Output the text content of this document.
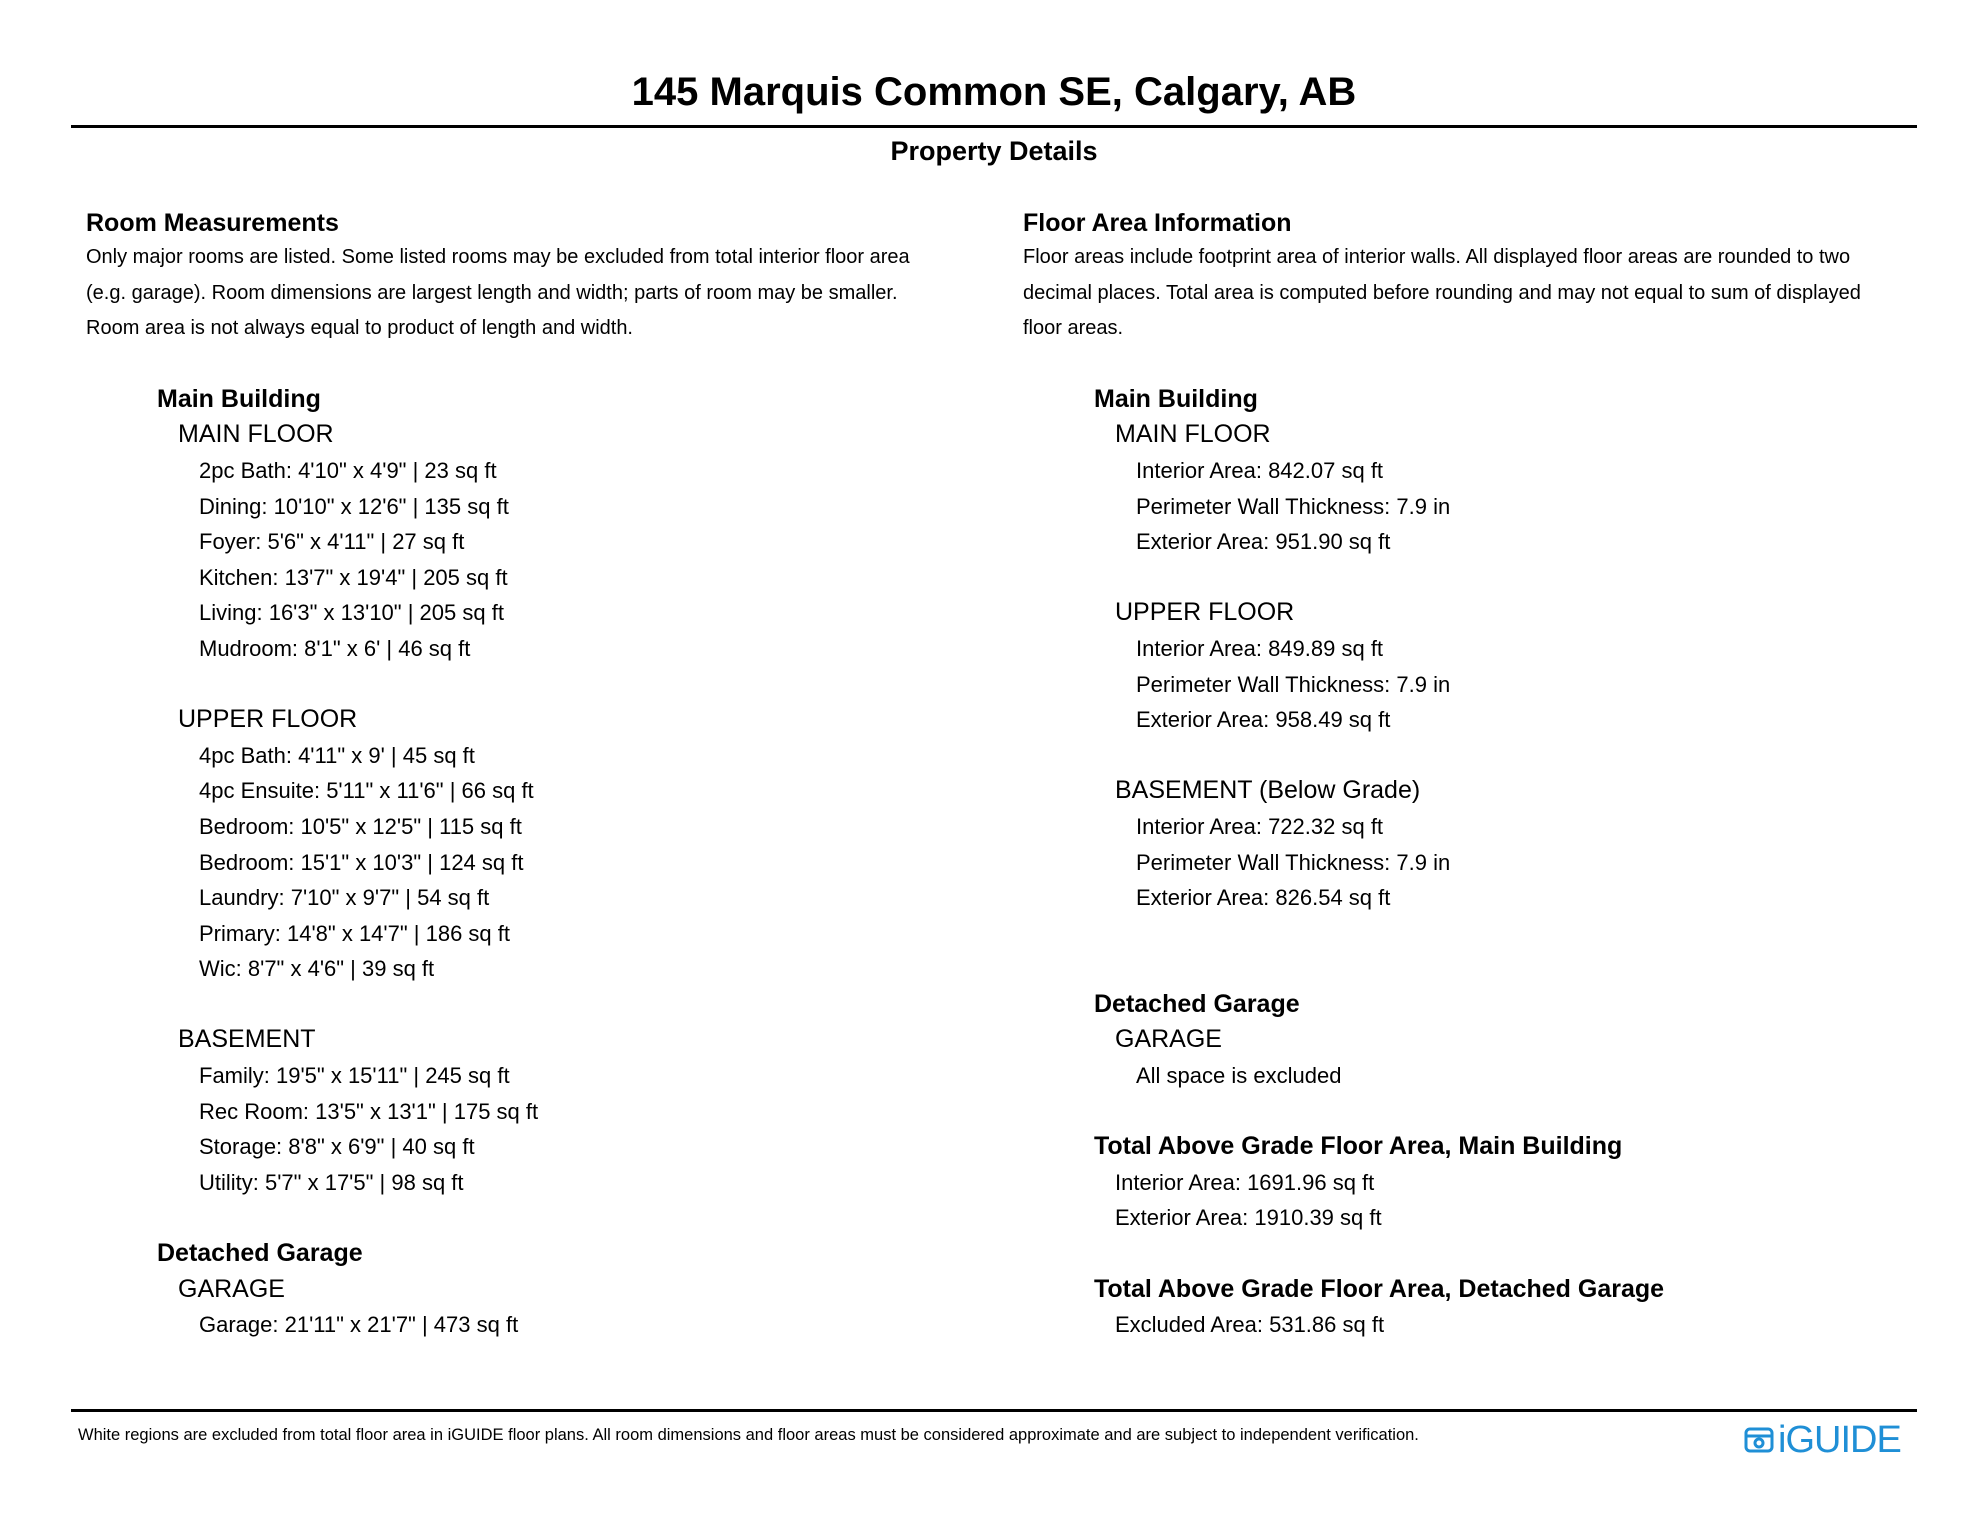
145 Marquis Common SE, Calgary, AB
Property Details
Room Measurements
Only major rooms are listed. Some listed rooms may be excluded from total interior floor area
(e.g. garage). Room dimensions are largest length and width; parts of room may be smaller.
Room area is not always equal to product of length and width.
Main Building
MAIN FLOOR
2pc Bath: 4'10" x 4'9" | 23 sq ft
Dining: 10'10" x 12'6" | 135 sq ft
Foyer: 5'6" x 4'11" | 27 sq ft
Kitchen: 13'7" x 19'4" | 205 sq ft
Living: 16'3" x 13'10" | 205 sq ft
Mudroom: 8'1" x 6' | 46 sq ft
UPPER FLOOR
4pc Bath: 4'11" x 9' | 45 sq ft
4pc Ensuite: 5'11" x 11'6" | 66 sq ft
Bedroom: 10'5" x 12'5" | 115 sq ft
Bedroom: 15'1" x 10'3" | 124 sq ft
Laundry: 7'10" x 9'7" | 54 sq ft
Primary: 14'8" x 14'7" | 186 sq ft
Wic: 8'7" x 4'6" | 39 sq ft
BASEMENT
Family: 19'5" x 15'11" | 245 sq ft
Rec Room: 13'5" x 13'1" | 175 sq ft
Storage: 8'8" x 6'9" | 40 sq ft
Utility: 5'7" x 17'5" | 98 sq ft
Detached Garage
GARAGE
Garage: 21'11" x 21'7" | 473 sq ft
Floor Area Information
Floor areas include footprint area of interior walls. All displayed floor areas are rounded to two
decimal places. Total area is computed before rounding and may not equal to sum of displayed
floor areas.
Main Building
MAIN FLOOR
Interior Area: 842.07 sq ft
Perimeter Wall Thickness: 7.9 in
Exterior Area: 951.90 sq ft
UPPER FLOOR
Interior Area: 849.89 sq ft
Perimeter Wall Thickness: 7.9 in
Exterior Area: 958.49 sq ft
BASEMENT (Below Grade)
Interior Area: 722.32 sq ft
Perimeter Wall Thickness: 7.9 in
Exterior Area: 826.54 sq ft
Detached Garage
GARAGE
All space is excluded
Total Above Grade Floor Area, Main Building
Interior Area: 1691.96 sq ft
Exterior Area: 1910.39 sq ft
Total Above Grade Floor Area, Detached Garage
Excluded Area: 531.86 sq ft
White regions are excluded from total floor area in iGUIDE floor plans. All room dimensions and floor areas must be considered approximate and are subject to independent verification.	iGUIDE
